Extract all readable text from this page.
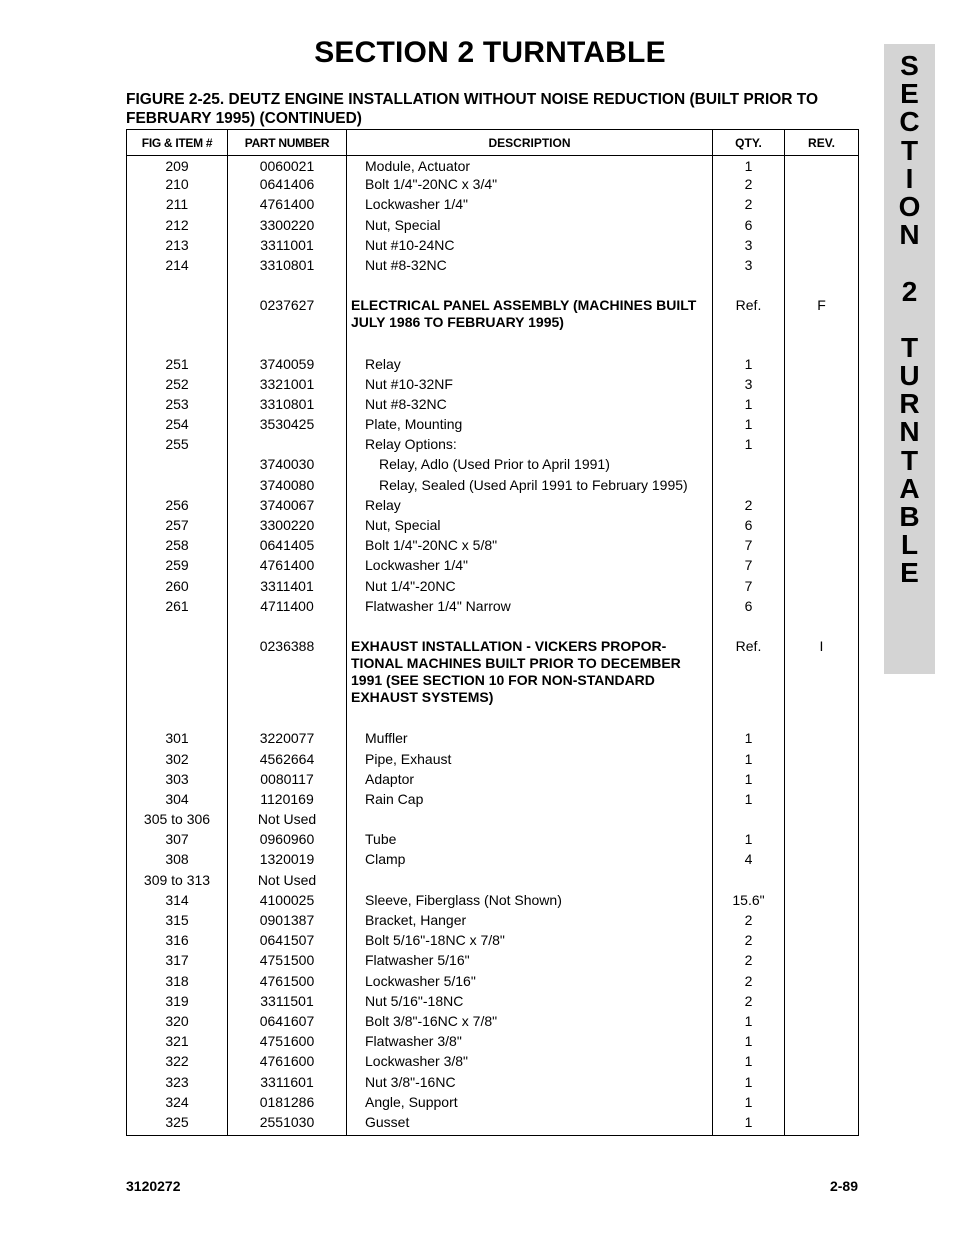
SECTION 2 TURNTABLE
FIGURE 2-25. DEUTZ ENGINE INSTALLATION WITHOUT NOISE REDUCTION (BUILT PRIOR TO FEBRUARY 1995) (CONTINUED)
S
E
C
T
I
O
N
2
T
U
R
N
T
A
B
L
E
FIG & ITEM #	PART NUMBER	DESCRIPTION	QTY.	REV.
209	0060021	Module, Actuator	1	
210	0641406	Bolt 1/4"-20NC x 3/4"	2	
211	4761400	Lockwasher 1/4"	2	
212	3300220	Nut, Special	6	
213	3311001	Nut #10-24NC	3	
214	3310801	Nut #8-32NC	3	

	0237627	ELECTRICAL PANEL ASSEMBLY (MACHINES BUILT JULY 1986 TO FEBRUARY 1995)	Ref.	F

251	3740059	Relay	1	
252	3321001	Nut #10-32NF	3	
253	3310801	Nut #8-32NC	1	
254	3530425	Plate, Mounting	1	
255		Relay Options:	1	
	3740030	Relay, Adlo (Used Prior to April 1991)		
	3740080	Relay, Sealed (Used April 1991 to February 1995)		
256	3740067	Relay	2	
257	3300220	Nut, Special	6	
258	0641405	Bolt 1/4"-20NC x 5/8"	7	
259	4761400	Lockwasher 1/4"	7	
260	3311401	Nut 1/4"-20NC	7	
261	4711400	Flatwasher 1/4" Narrow	6	

	0236388	EXHAUST INSTALLATION - VICKERS PROPOR-TIONAL MACHINES BUILT PRIOR TO DECEMBER 1991 (SEE SECTION 10 FOR NON-STANDARD EXHAUST SYSTEMS)	Ref.	I

301	3220077	Muffler	1	
302	4562664	Pipe, Exhaust	1	
303	0080117	Adaptor	1	
304	1120169	Rain Cap	1	
305 to 306	Not Used			
307	0960960	Tube	1	
308	1320019	Clamp	4	
309 to 313	Not Used			
314	4100025	Sleeve, Fiberglass (Not Shown)	15.6"	
315	0901387	Bracket, Hanger	2	
316	0641507	Bolt 5/16"-18NC x 7/8"	2	
317	4751500	Flatwasher 5/16"	2	
318	4761500	Lockwasher 5/16"	2	
319	3311501	Nut 5/16"-18NC	2	
320	0641607	Bolt 3/8"-16NC x 7/8"	1	
321	4751600	Flatwasher 3/8"	1	
322	4761600	Lockwasher 3/8"	1	
323	3311601	Nut 3/8"-16NC	1	
324	0181286	Angle, Support	1	
325	2551030	Gusset	1	
3120272	2-89
